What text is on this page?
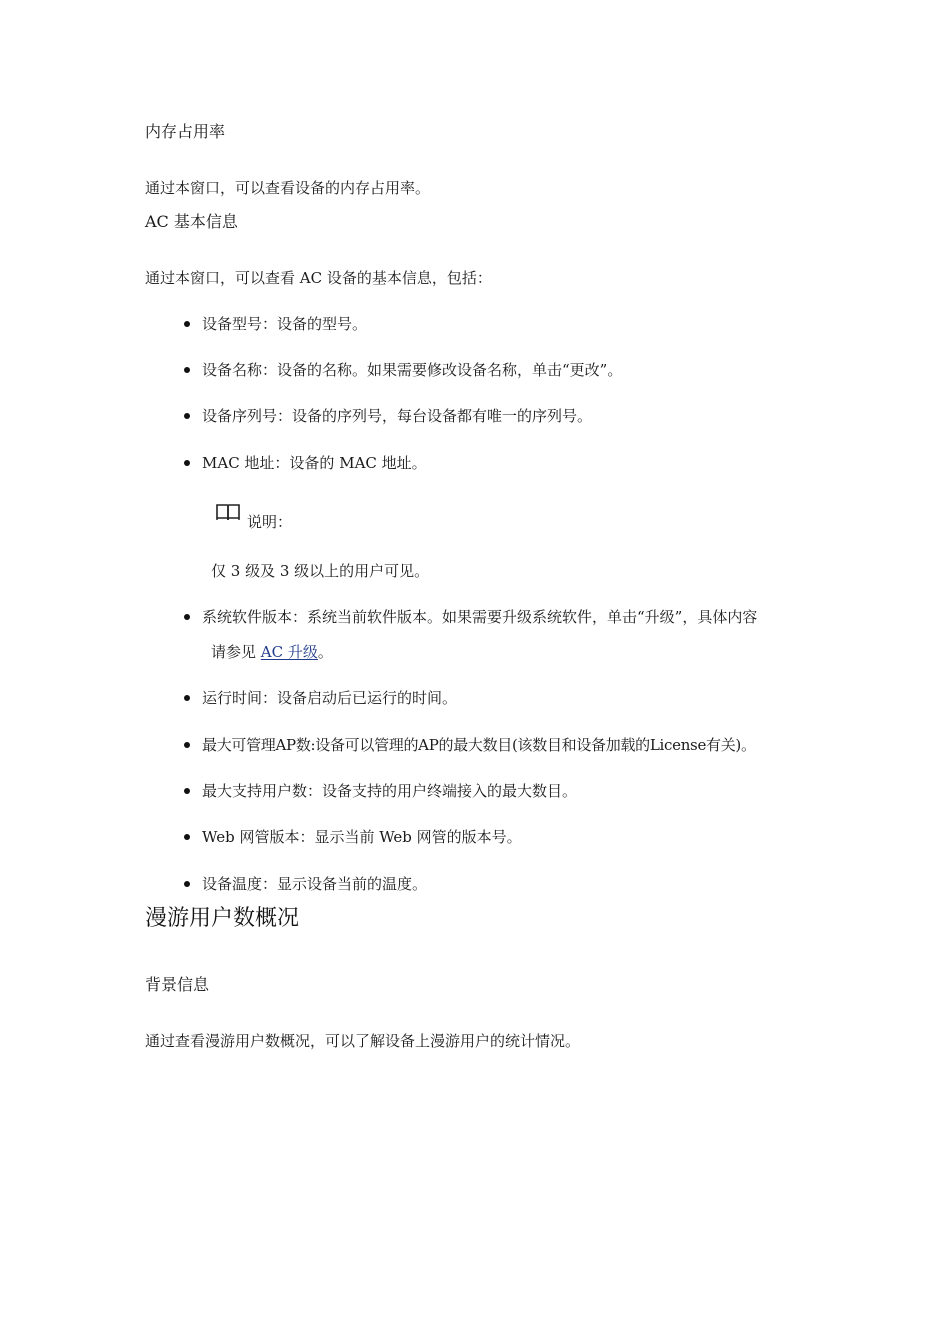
内存占用率
通过本窗口，可以查看设备的内存占用率。
AC 基本信息
通过本窗口，可以查看 AC 设备的基本信息，包括：
设备型号：设备的型号。
设备名称：设备的名称。如果需要修改设备名称，单击“更改”。
设备序列号：设备的序列号，每台设备都有唯一的序列号。
MAC 地址：设备的 MAC 地址。
说明：
仅 3 级及 3 级以上的用户可见。
系统软件版本：系统当前软件版本。如果需要升级系统软件，单击“升级”，具体内容
请参见 AC 升级。
运行时间：设备启动后已运行的时间。
最大可管理AP数:设备可以管理的AP的最大数目(该数目和设备加载的License有关)。
最大支持用户数：设备支持的用户终端接入的最大数目。
Web 网管版本：显示当前 Web 网管的版本号。
设备温度：显示设备当前的温度。
漫游用户数概况
背景信息
通过查看漫游用户数概况，可以了解设备上漫游用户的统计情况。
